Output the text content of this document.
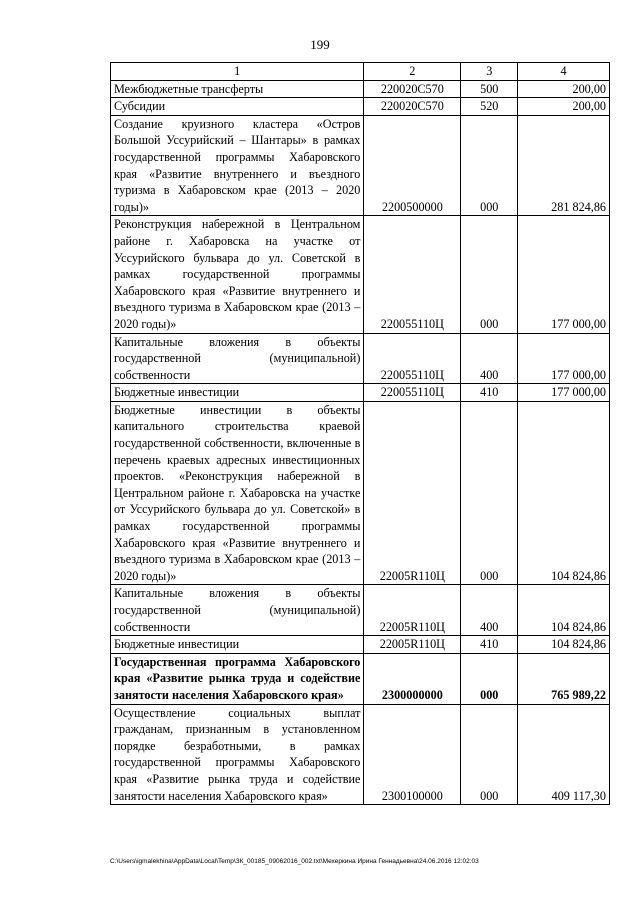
199
1	2	3	4
Межбюджетные трансферты	220020С570	500	200,00
Субсидии	220020С570	520	200,00
Создание круизного кластера «Остров Большой Уссурийский – Шантары» в рамках государственной программы Хабаровского края «Развитие внутреннего и въездного туризма в Хабаровском крае (2013 – 2020 годы)»	2200500000	000	281 824,86
Реконструкция набережной в Центральном районе г. Хабаровска на участке от Уссурийского бульвара до ул. Советской в рамках государственной программы Хабаровского края «Развитие внутреннего и въездного туризма в Хабаровском крае (2013 – 2020 годы)»	220055110Ц	000	177 000,00
Капитальные вложения в объекты государственной (муниципальной) собственности	220055110Ц	400	177 000,00
Бюджетные инвестиции	220055110Ц	410	177 000,00
Бюджетные инвестиции в объекты капитального строительства краевой государственной собственности, включенные в перечень краевых адресных инвестиционных проектов. «Реконструкция набережной в Центральном районе г. Хабаровска на участке от Уссурийского бульвара до ул. Советской» в рамках государственной программы Хабаровского края «Развитие внутреннего и въездного туризма в Хабаровском крае (2013 – 2020 годы)»	22005R110Ц	000	104 824,86
Капитальные вложения в объекты государственной (муниципальной) собственности	22005R110Ц	400	104 824,86
Бюджетные инвестиции	22005R110Ц	410	104 824,86
Государственная программа Хабаровского края «Развитие рынка труда и содействие занятости населения Хабаровского края»	2300000000	000	765 989,22
Осуществление социальных выплат гражданам, признанным в установленном порядке безработными, в рамках государственной программы Хабаровского края «Развитие рынка труда и содействие занятости населения Хабаровского края»	2300100000	000	409 117,30
C:\Users\igmalekhina\AppData\Local\Temp\ЗК_00185_09062016_002.txt\Мехеркина Ирина Геннадьевна\24.06.2016 12:02:03
